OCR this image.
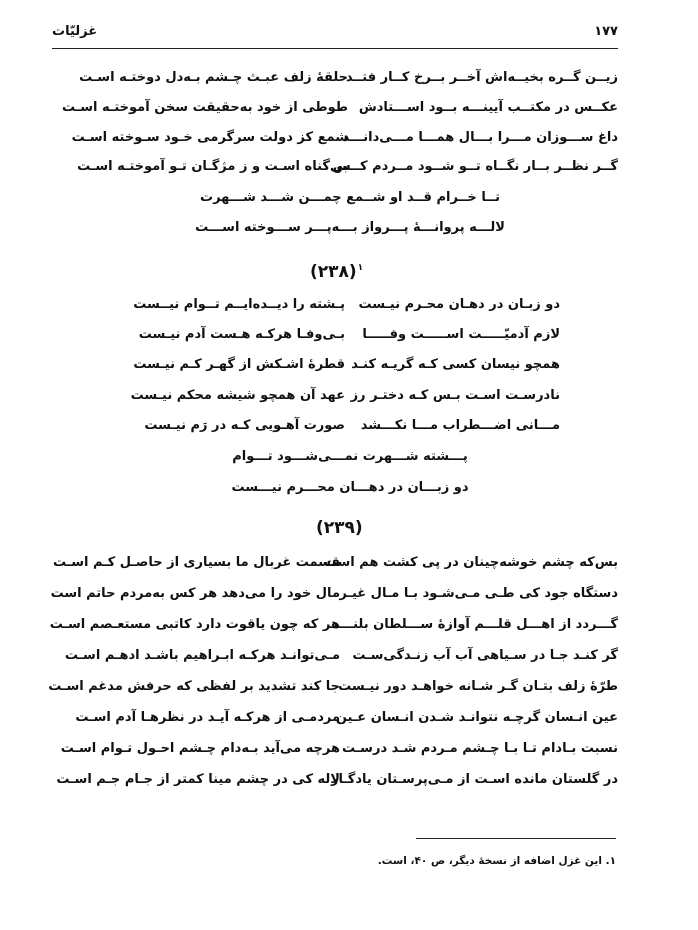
۱۷۷
غزلیّات
زیــن گــره بخیــه‌اش آخــر بــرخ کــار فتــد
حلقهٔ زلف عبـث چـشم بـه‌دل دوختـه اسـت
عکــس در مکتــب آیینـــه بــود اســـتادش
طوطی از خود به‌حقیقت سخن آموختـه اسـت
داغ ســـوزان مـــرا بـــال همـــا مـــی‌دانـــد
شمع کز دولت سرگرمی خـود سـوخته اسـت
گــر نظــر بــار نگــاه تــو شــود مــردم کــس
بی‌گناه اسـت و ز مژگـان تـو آموختـه اسـت
تــا خــرام قــد او شــمع چمـــن شـــد شـــهرت
لالـــه پروانـــهٔ پـــرواز بـــه‌پـــر ســـوخته اســـت
(۲۳۸)$^۱$
دو زبـان در دهـان محـرم نیـست
پـشته را دیــده‌ایــم تــوام نیــست
لازم آدمیّـــــت اســـــت وفـــــا
بـی‌وفـا هرکـه هـست آدم نیـست
همچو نیسان کسی کـه گریـه کنـد
قطرهٔ اشـکش از گهـر کـم نیـست
نادرسـت اسـت بـس کـه دختـر رز
عهد آن همچو شیشه محکم نیـست
مـــانی اضـــطراب مـــا نکـــشد
صورت آهـویی کـه در رَم نیـست
پـــشته شـــهرت نمـــی‌شـــود تـــوام
دو زبـــان در دهـــان محـــرم نیـــست
(۲۳۹)
بس‌که چشم خوشه‌چینان در پی کشت هم است
قسمت غربال ما بسیاری از حاصـل کـم اسـت
دستگاه جود کی طـی مـی‌شـود بـا مـال غیـر
مال خود را می‌دهد هر کس به‌مردم حاتم است
گـــردد از اهـــل قلـــم آوازهٔ ســـلطان بلنـــد
هر که چون یاقوت دارد کاتبی مستعـصم اسـت
گر کنـد جـا در سـیاهی آب آب زنـدگی‌سـت
مـی‌توانـد هرکـه ابـراهیم باشـد ادهـم اسـت
طرّهٔ زلف بتـان گـر شـانه خواهـد دور نیـست
جا کند تشدید بر لفظی که حرفش مدغم اسـت
عین انـسان گرچـه نتوانـد شـدن انـسان عـین
مردمـی از هرکـه آیـد در نظرهـا آدم اسـت
نسبت بـادام تـا بـا چـشم مـردم شـد درسـت
هرچه می‌آید بـه‌دام چـشم احـول تـوام اسـت
در گلستان مانده اسـت از مـی‌پرسـتان یادگـار
لاله کی در چشم مینا کمتر از جـام جـم اسـت
۱. این غزل اضافه از نسخهٔ دیگر، ص ۴۰، است.
